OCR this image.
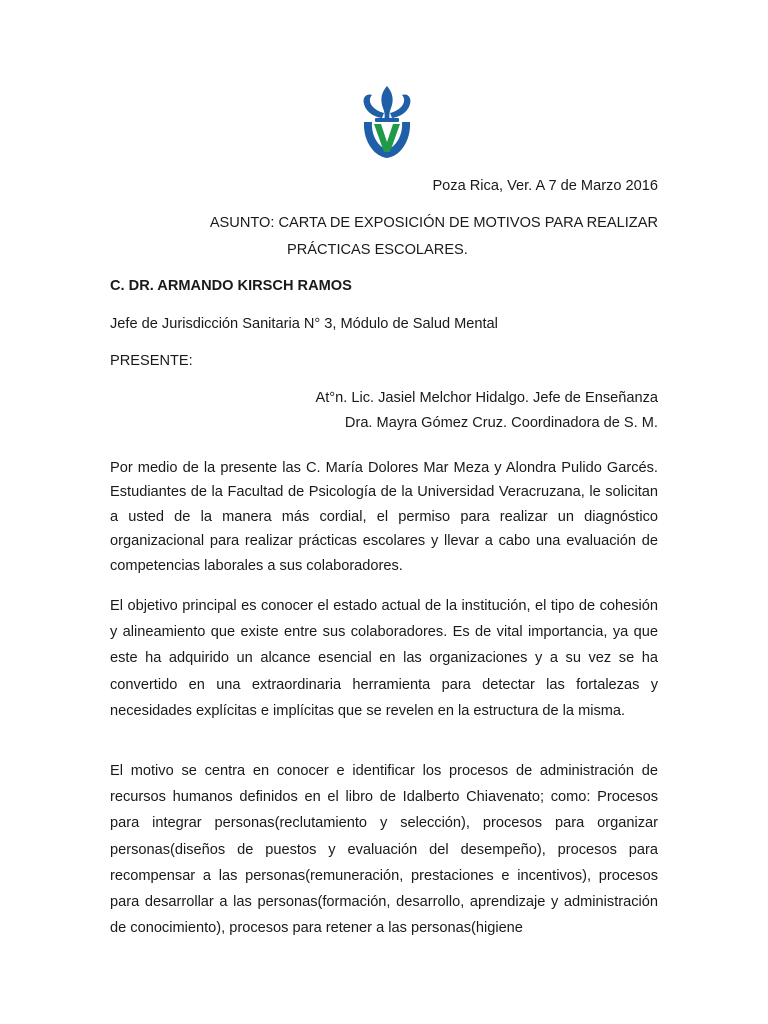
Poza Rica, Ver. A 7 de Marzo 2016
ASUNTO: CARTA DE EXPOSICIÓN DE MOTIVOS PARA REALIZAR
PRÁCTICAS ESCOLARES.
C. DR. ARMANDO KIRSCH RAMOS
Jefe de Jurisdicción Sanitaria N° 3, Módulo de Salud Mental
PRESENTE:
At°n. Lic. Jasiel Melchor Hidalgo. Jefe de Enseñanza
Dra. Mayra Gómez Cruz. Coordinadora de S. M.

Por medio de la presente las C. María Dolores Mar Meza y Alondra Pulido Garcés. Estudiantes de la Facultad de Psicología de la Universidad Veracruzana, le solicitan a usted de la manera más cordial, el permiso para realizar un diagnóstico organizacional para realizar prácticas escolares y llevar a cabo una evaluación de competencias laborales a sus colaboradores.

El objetivo principal es conocer el estado actual de la institución, el tipo de cohesión y alineamiento que existe entre sus colaboradores. Es de vital importancia, ya que este ha adquirido un alcance esencial en las organizaciones y a su vez se ha convertido en una extraordinaria herramienta para detectar las fortalezas y necesidades explícitas e implícitas que se revelen en la estructura de la misma.

El motivo se centra en conocer e identificar los procesos de administración de recursos humanos definidos en el libro de Idalberto Chiavenato; como: Procesos para integrar personas(reclutamiento y selección), procesos para organizar personas(diseños de puestos y evaluación del desempeño), procesos para recompensar a las personas(remuneración, prestaciones e incentivos), procesos para desarrollar a las personas(formación, desarrollo, aprendizaje y administración de conocimiento), procesos para retener a las personas(higiene
